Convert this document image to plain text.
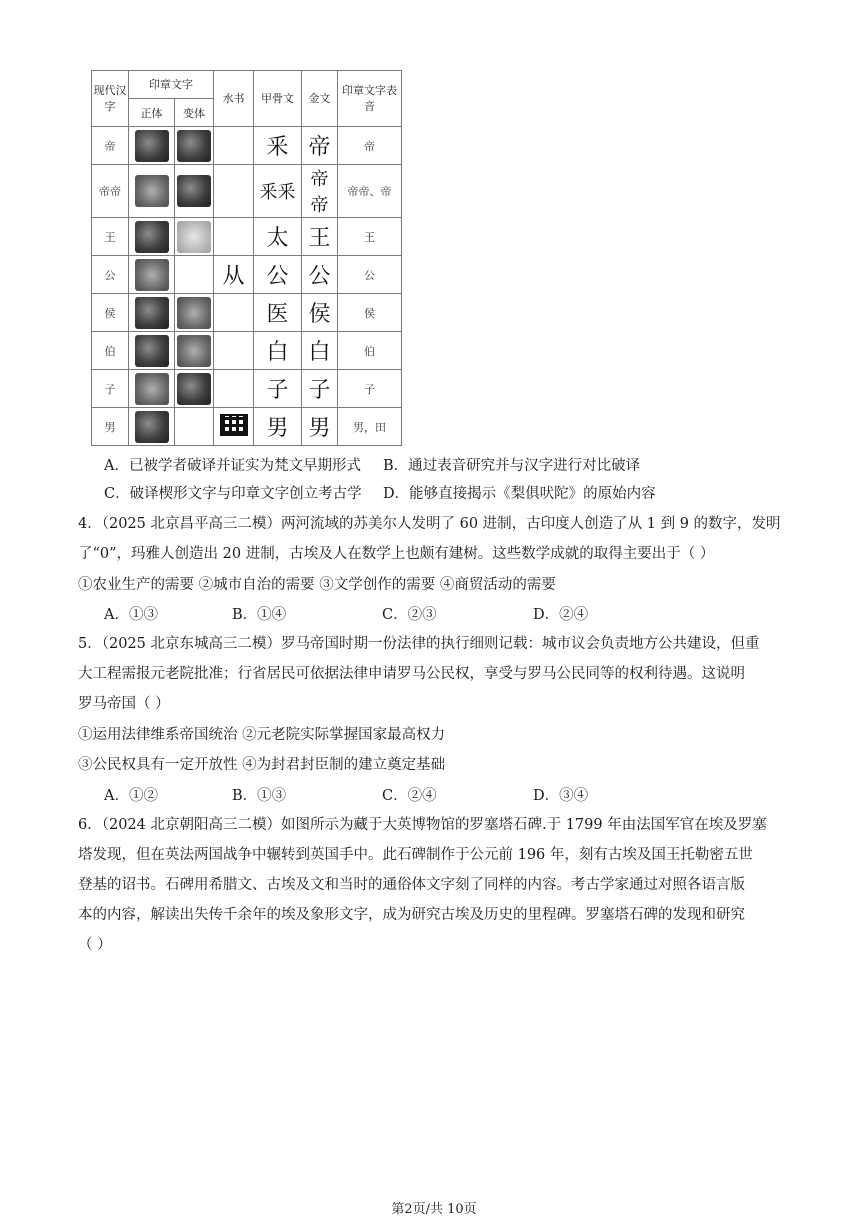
现代汉字	印章文字		水书	甲骨文	金文	印章文字表音
	正体	变体				
帝				釆	帝	帝
帝帝				釆釆	帝帝	帝帝、帝
王				太	王	王
公			从	公	公	公
侯				医	侯	侯
伯				白	白	伯
子				子	子	子
男				男	男	男，田
A．已被学者破译并证实为梵文早期形式 B．通过表音研究并与汉字进行对比破译
C．破译楔形文字与印章文字创立考古学 D．能够直接揭示《梨俱吠陀》的原始内容
4．（2025 北京昌平高三二模）两河流域的苏美尔人发明了 60 进制，古印度人创造了从 1 到 9 的数字，发明
了“0”，玛雅人创造出 20 进制，古埃及人在数学上也颇有建树。这些数学成就的取得主要出于（ ）
①农业生产的需要 ②城市自治的需要 ③文学创作的需要 ④商贸活动的需要
A．①③	B．①④	C．②③	D．②④
5．（2025 北京东城高三二模）罗马帝国时期一份法律的执行细则记载：城市议会负责地方公共建设，但重
大工程需报元老院批准；行省居民可依据法律申请罗马公民权，享受与罗马公民同等的权利待遇。这说明
罗马帝国（ ）
①运用法律维系帝国统治 ②元老院实际掌握国家最高权力
③公民权具有一定开放性 ④为封君封臣制的建立奠定基础
A．①②	B．①③	C．②④	D．③④
6．（2024 北京朝阳高三二模）如图所示为藏于大英博物馆的罗塞塔石碑.于 1799 年由法国军官在埃及罗塞
塔发现，但在英法两国战争中辗转到英国手中。此石碑制作于公元前 196 年，刻有古埃及国王托勒密五世
登基的诏书。石碑用希腊文、古埃及文和当时的通俗体文字刻了同样的内容。考古学家通过对照各语言版
本的内容，解读出失传千余年的埃及象形文字，成为研究古埃及历史的里程碑。罗塞塔石碑的发现和研究
（ ）
第2页/共 10页
